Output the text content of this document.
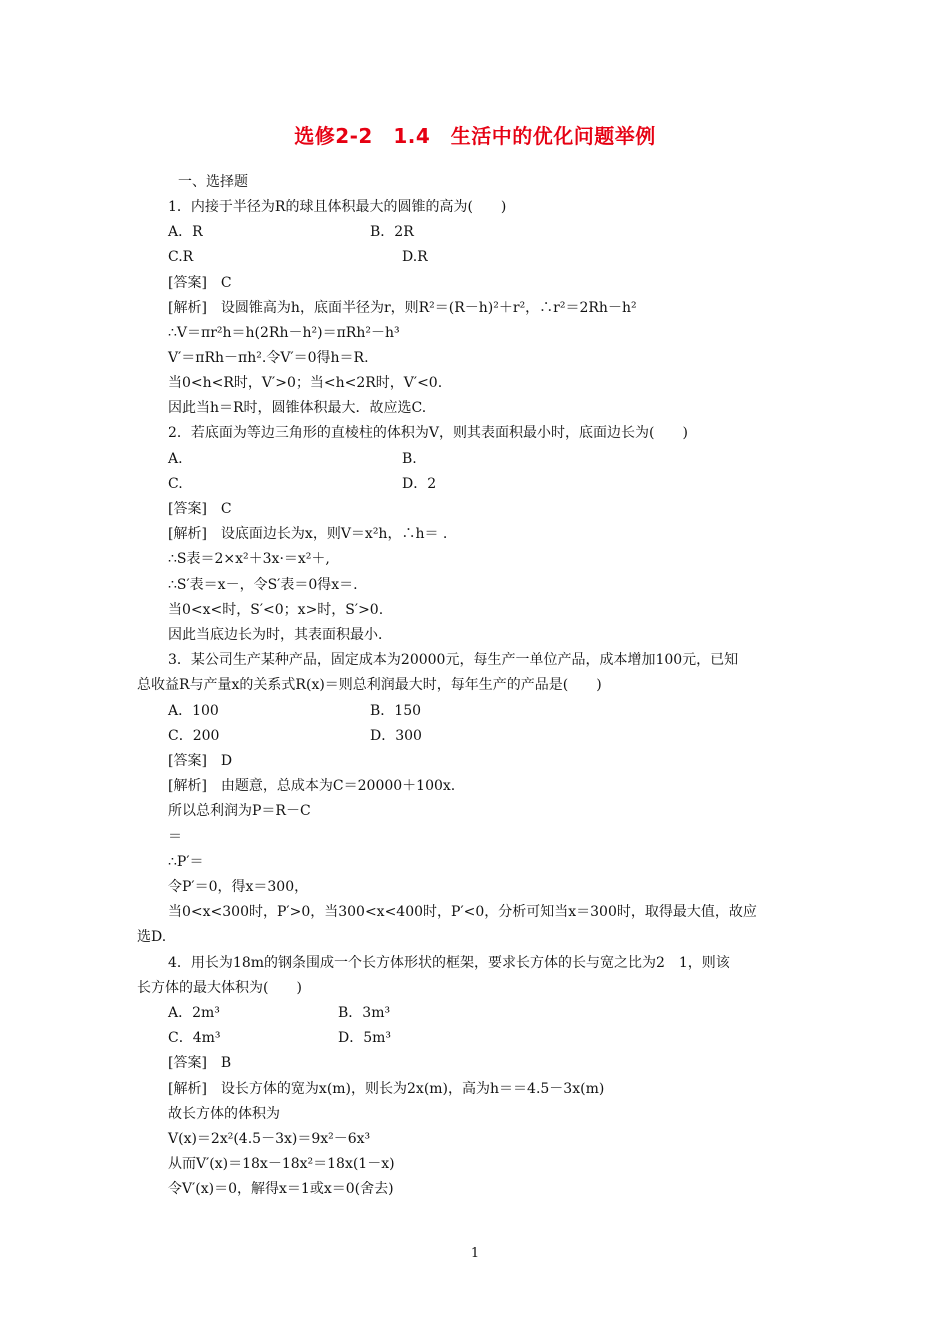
选修2-2　1.4　生活中的优化问题举例
一、选择题
1．内接于半径为R的球且体积最大的圆锥的高为(　　)
A．R	B．2R
C.R	D.R
[答案]　C
[解析]　设圆锥高为h，底面半径为r，则R²＝(R－h)²＋r²，∴r²＝2Rh－h²
∴V＝πr²h＝h(2Rh－h²)＝πRh²－h³
V′＝πRh－πh².令V′＝0得h＝R.
当0<h<R时，V′>0；当<h<2R时，V′<0.
因此当h＝R时，圆锥体积最大．故应选C.
2．若底面为等边三角形的直棱柱的体积为V，则其表面积最小时，底面边长为(　　)
A.	B.
C.	D．2
[答案]　C
[解析]　设底面边长为x，则V＝x²h，∴h＝ .
∴S表＝2×x²＋3x·＝x²＋,
∴S′表＝x－，令S′表＝0得x＝.
当0<x<时，S′<0；x>时，S′>0.
因此当底边长为时，其表面积最小．
3．某公司生产某种产品，固定成本为20000元，每生产一单位产品，成本增加100元，已知
总收益R与产量x的关系式R(x)＝则总利润最大时，每年生产的产品是(　　)
A．100	B．150
C．200	D．300
[答案]　D
[解析]　由题意，总成本为C＝20000＋100x.
所以总利润为P＝R－C
＝
∴P′＝
令P′＝0，得x＝300，
当0<x<300时，P′>0，当300<x<400时，P′<0，分析可知当x＝300时，取得最大值，故应
选D.
4．用长为18m的钢条围成一个长方体形状的框架，要求长方体的长与宽之比为2　1，则该
长方体的最大体积为(　　)
A．2m³	B．3m³
C．4m³	D．5m³
[答案]　B
[解析]　设长方体的宽为x(m)，则长为2x(m)，高为h＝＝4.5－3x(m)
故长方体的体积为
V(x)＝2x²(4.5－3x)＝9x²－6x³
从而V′(x)＝18x－18x²＝18x(1－x)
令V′(x)＝0，解得x＝1或x＝0(舍去)
1
